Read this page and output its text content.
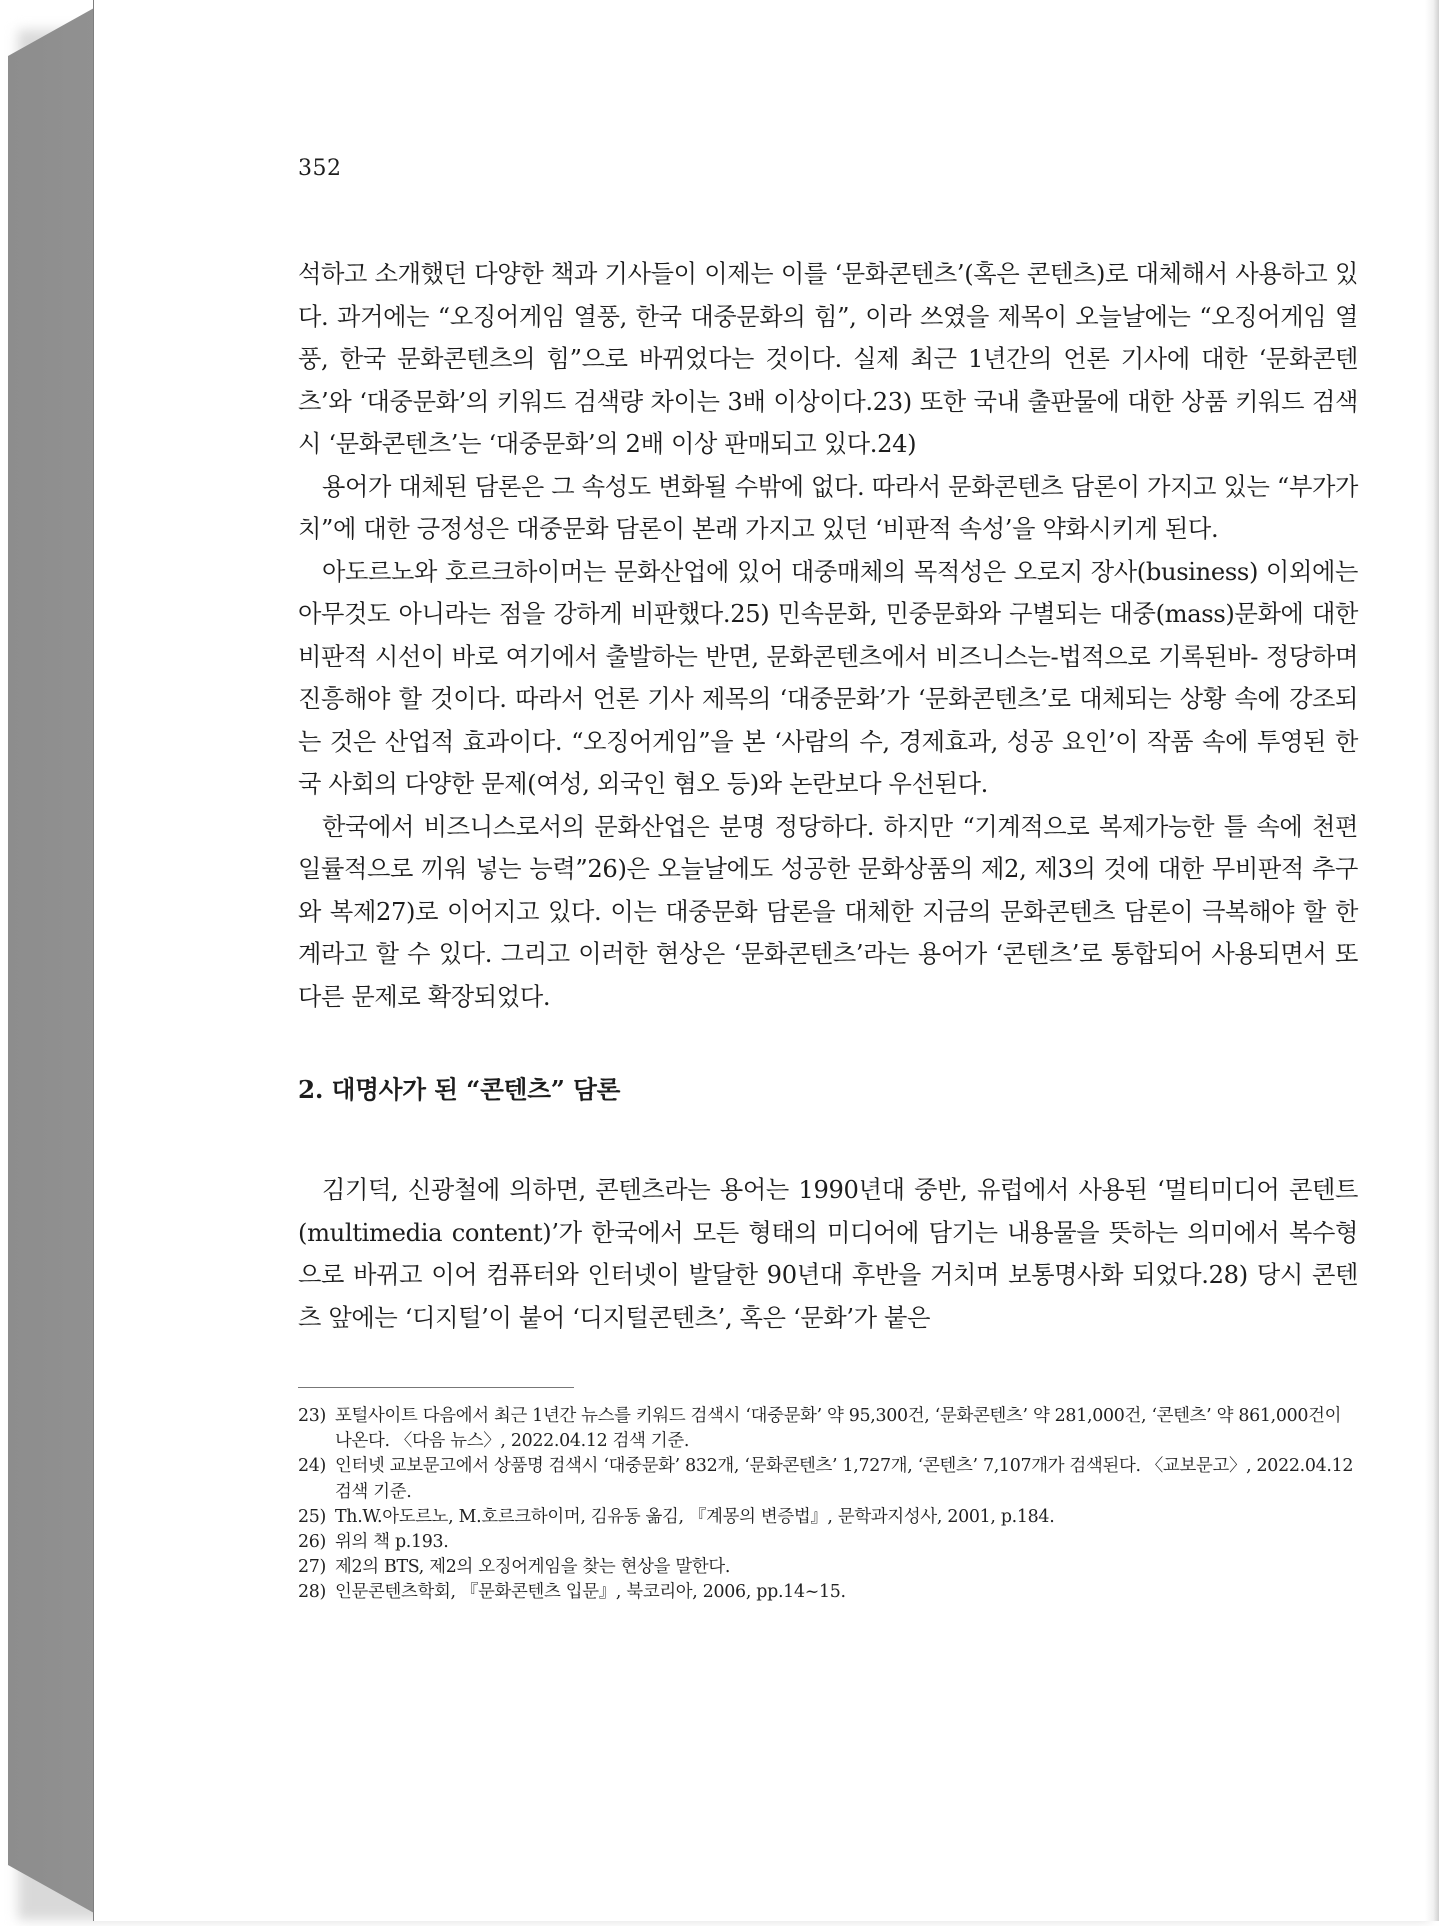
352

석하고 소개했던 다양한 책과 기사들이 이제는 이를 ‘문화콘텐츠’(혹은 콘텐츠)로 대체해서 사용하고 있다. 과거에는 “오징어게임 열풍, 한국 대중문화의 힘”, 이라 쓰였을 제목이 오늘날에는 “오징어게임 열풍, 한국 문화콘텐츠의 힘”으로 바뀌었다는 것이다. 실제 최근 1년간의 언론 기사에 대한 ‘문화콘텐츠’와 ‘대중문화’의 키워드 검색량 차이는 3배 이상이다.23) 또한 국내 출판물에 대한 상품 키워드 검색 시 ‘문화콘텐츠’는 ‘대중문화’의 2배 이상 판매되고 있다.24)

용어가 대체된 담론은 그 속성도 변화될 수밖에 없다. 따라서 문화콘텐츠 담론이 가지고 있는 “부가가치”에 대한 긍정성은 대중문화 담론이 본래 가지고 있던 ‘비판적 속성’을 약화시키게 된다.

아도르노와 호르크하이머는 문화산업에 있어 대중매체의 목적성은 오로지 장사(business) 이외에는 아무것도 아니라는 점을 강하게 비판했다.25) 민속문화, 민중문화와 구별되는 대중(mass)문화에 대한 비판적 시선이 바로 여기에서 출발하는 반면, 문화콘텐츠에서 비즈니스는-법적으로 기록된바- 정당하며 진흥해야 할 것이다. 따라서 언론 기사 제목의 ‘대중문화’가 ‘문화콘텐츠’로 대체되는 상황 속에 강조되는 것은 산업적 효과이다. “오징어게임”을 본 ‘사람의 수, 경제효과, 성공 요인’이 작품 속에 투영된 한국 사회의 다양한 문제(여성, 외국인 혐오 등)와 논란보다 우선된다.

한국에서 비즈니스로서의 문화산업은 분명 정당하다. 하지만 “기계적으로 복제가능한 틀 속에 천편일률적으로 끼워 넣는 능력”26)은 오늘날에도 성공한 문화상품의 제2, 제3의 것에 대한 무비판적 추구와 복제27)로 이어지고 있다. 이는 대중문화 담론을 대체한 지금의 문화콘텐츠 담론이 극복해야 할 한계라고 할 수 있다. 그리고 이러한 현상은 ‘문화콘텐츠’라는 용어가 ‘콘텐츠’로 통합되어 사용되면서 또 다른 문제로 확장되었다.

2. 대명사가 된 “콘텐츠” 담론

김기덕, 신광철에 의하면, 콘텐츠라는 용어는 1990년대 중반, 유럽에서 사용된 ‘멀티미디어 콘텐트(multimedia content)’가 한국에서 모든 형태의 미디어에 담기는 내용물을 뜻하는 의미에서 복수형으로 바뀌고 이어 컴퓨터와 인터넷이 발달한 90년대 후반을 거치며 보통명사화 되었다.28) 당시 콘텐츠 앞에는 ‘디지털’이 붙어 ‘디지털콘텐츠’, 혹은 ‘문화’가 붙은

23) 포털사이트 다음에서 최근 1년간 뉴스를 키워드 검색시 ‘대중문화’ 약 95,300건, ‘문화콘텐츠’ 약 281,000건, ‘콘텐츠’ 약 861,000건이 나온다. 〈다음 뉴스〉, 2022.04.12 검색 기준.
24) 인터넷 교보문고에서 상품명 검색시 ‘대중문화’ 832개, ‘문화콘텐츠’ 1,727개, ‘콘텐츠’ 7,107개가 검색된다. 〈교보문고〉, 2022.04.12 검색 기준.
25) Th.W.아도르노, M.호르크하이머, 김유동 옮김, 『계몽의 변증법』, 문학과지성사, 2001, p.184.
26) 위의 책 p.193.
27) 제2의 BTS, 제2의 오징어게임을 찾는 현상을 말한다.
28) 인문콘텐츠학회, 『문화콘텐츠 입문』, 북코리아, 2006, pp.14~15.
